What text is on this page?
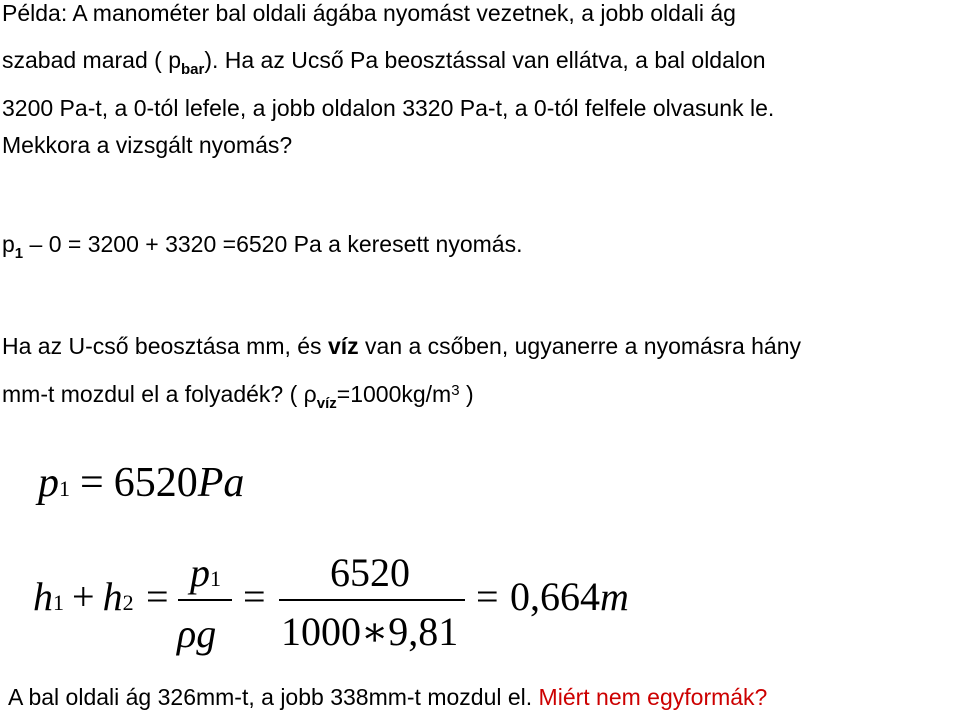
Példa: A manométer bal oldali ágába nyomást vezetnek, a jobb oldali ág
szabad marad ( $p_{bar}$). Ha az Ucső Pa beosztással van ellátva, a bal oldalon
3200 Pa-t, a 0-tól lefele, a jobb oldalon 3320 Pa-t, a 0-tól felfele olvasunk le.
Mekkora a vizsgált nyomás?
$p_1 - 0 = 3200 + 3320 =6520$ Pa a keresett nyomás.
Ha az U-cső beosztása mm, és víz van a csőben, ugyanerre a nyomásra hány
mm-t mozdul el a folyadék? ( $\rho_{víz}=1000kg/m^3$ )
p1 = 6520Pa
h1 + h2 =
p1
ρg
=
6520
1000∗9,81
= 0,664m
A bal oldali ág 326mm-t, a jobb 338mm-t mozdul el. Miért nem egyformák?
